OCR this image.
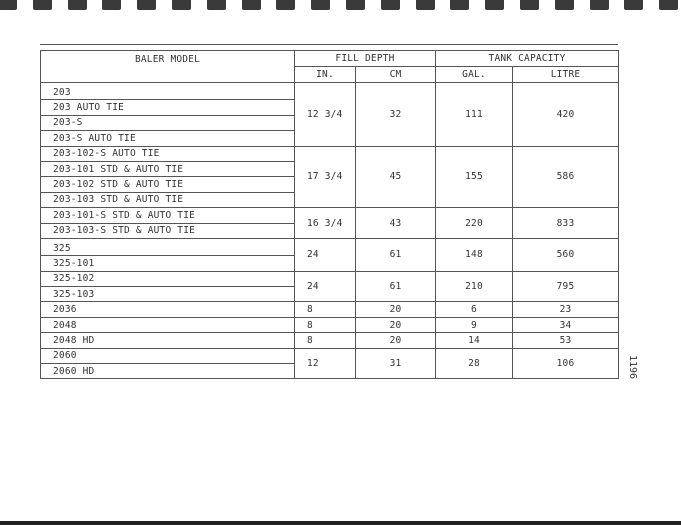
BALER MODEL	FILL DEPTH		TANK CAPACITY	
	IN.	CM	GAL.	LITRE
203	12 3/4	32	111	420
203 AUTO TIE				
203-S				
203-S AUTO TIE				
203-102-S AUTO TIE	17 3/4	45	155	586
203-101 STD & AUTO TIE				
203-102 STD & AUTO TIE				
203-103 STD & AUTO TIE				
203-101-S STD & AUTO TIE	16 3/4	43	220	833
203-103-S STD & AUTO TIE				
325	24	61	148	560
325-101				
325-102	24	61	210	795
325-103				
2036	8	20	6	23
2048	8	20	9	34
2048 HD	8	20	14	53
2060	12	31	28	106
2060 HD					1196
